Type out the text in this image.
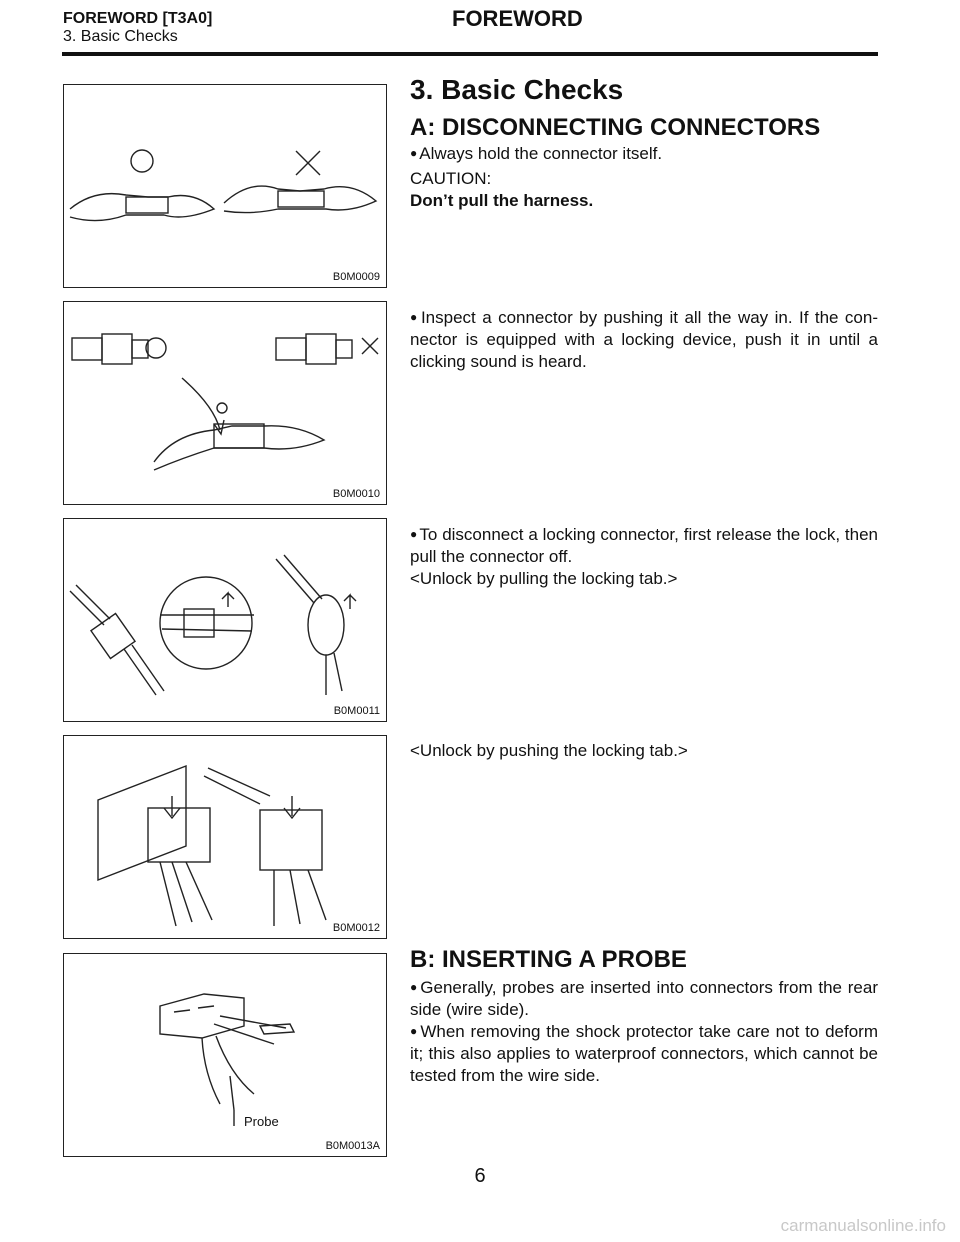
FOREWORD [T3A0]
3. Basic Checks
FOREWORD
B0M0009
B0M0010
B0M0011
B0M0012
Probe
B0M0013A
3. Basic Checks
A: DISCONNECTING CONNECTORS
● Always hold the connector itself.
CAUTION:
Don’t pull the harness.
● Inspect a connector by pushing it all the way in. If the con-nector is equipped with a locking device, push it in until a clicking sound is heard.
● To disconnect a locking connector, first release the lock, then pull the connector off.
<Unlock by pulling the locking tab.>
<Unlock by pushing the locking tab.>
B: INSERTING A PROBE
● Generally, probes are inserted into connectors from the rear side (wire side).
● When removing the shock protector take care not to deform it; this also applies to waterproof connectors, which cannot be tested from the wire side.
6
carmanualsonline.info
